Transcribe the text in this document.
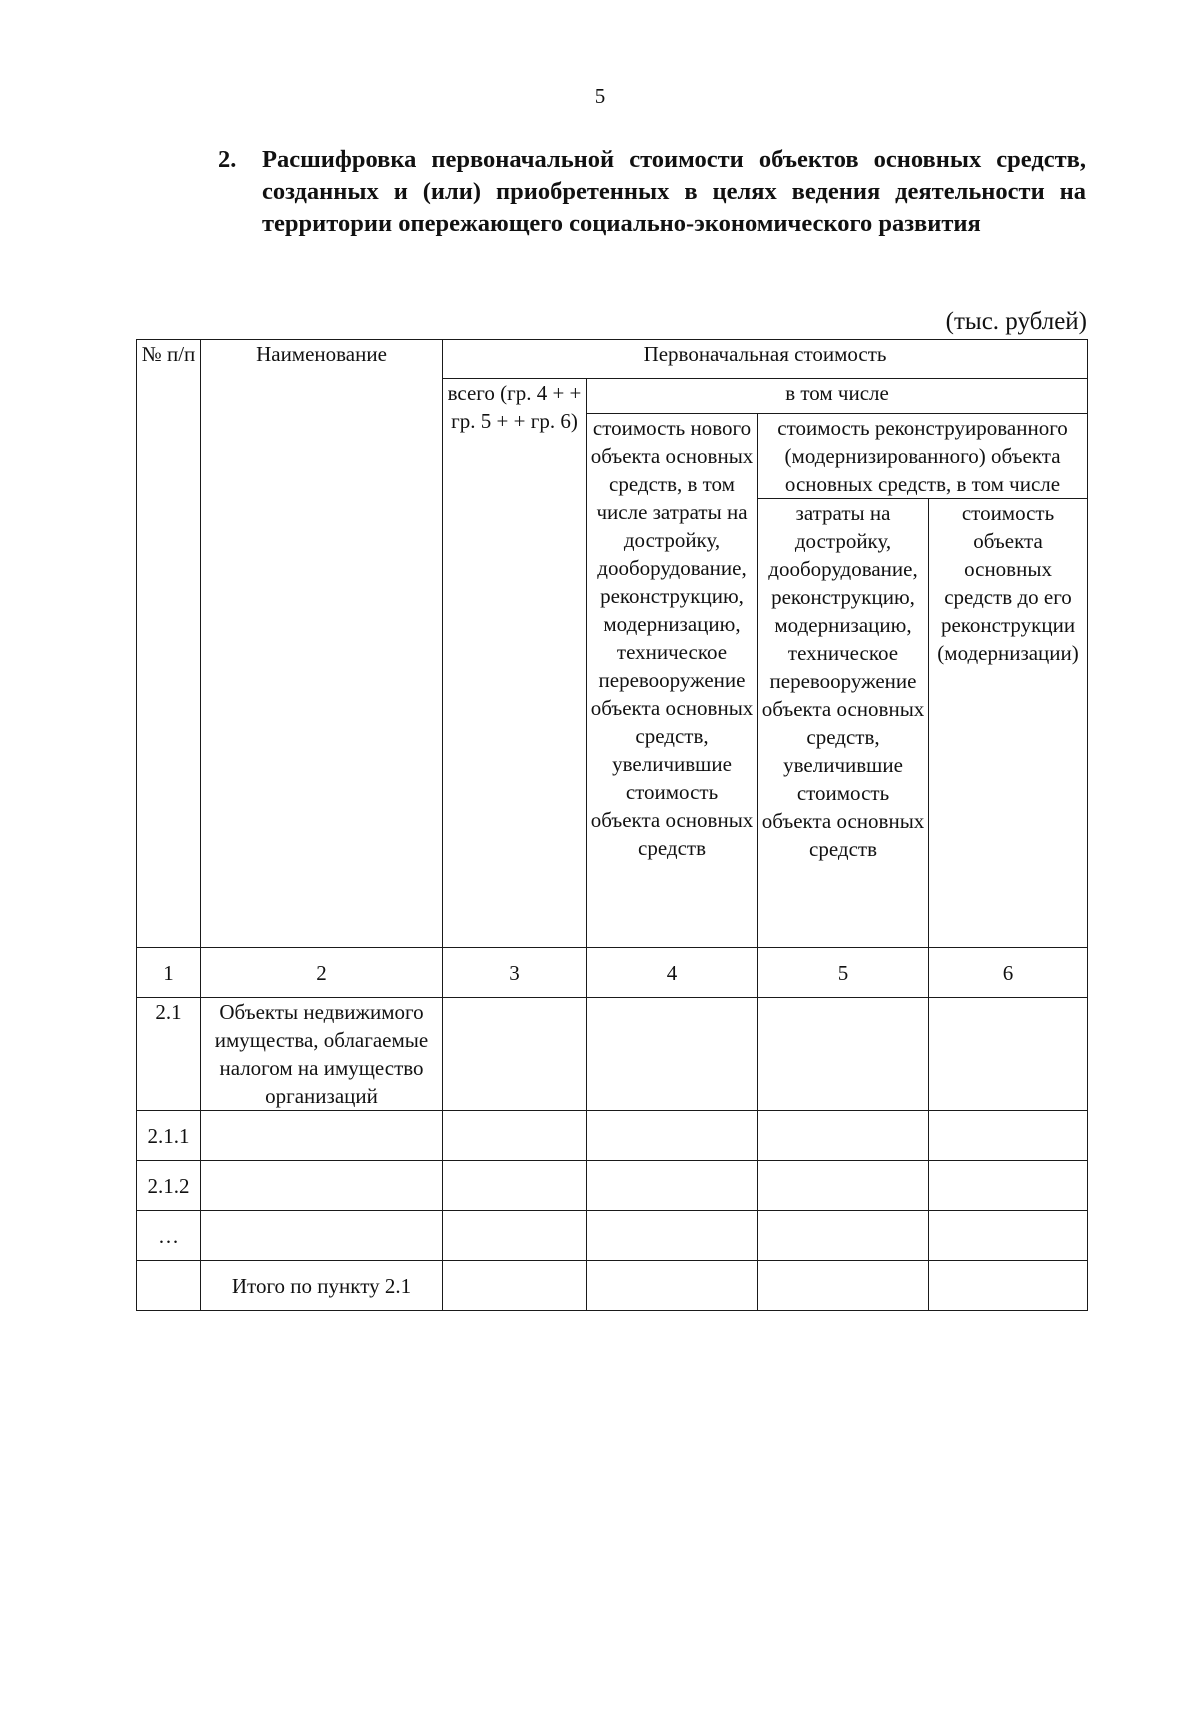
5
2. Расшифровка первоначальной стоимости объектов основных средств, созданных и (или) приобретенных в целях ведения деятельности на территории опережающего социально-экономического развития
(тыс. рублей)
№ п/п	Наименование	Первоначальная стоимость			
		всего (гр. 4 + + гр. 5 + + гр. 6)	в том числе		
			стоимость нового объекта основных средств, в том числе затраты на достройку, дооборудование, реконструкцию, модернизацию, техническое перевооружение объекта основных средств, увеличившие стоимость объекта основных средств	стоимость реконструированного (модернизированного) объекта основных средств, в том числе	
				затраты на достройку, дооборудование, реконструкцию, модернизацию, техническое перевооружение объекта основных средств, увеличившие стоимость объекта основных средств	стоимость объекта основных средств до его реконструкции (модернизации)
1	2	3	4	5	6
2.1	Объекты недвижимого имущества, облагаемые налогом на имущество организаций				
2.1.1					
2.1.2					
…					
	Итого по пункту 2.1				
